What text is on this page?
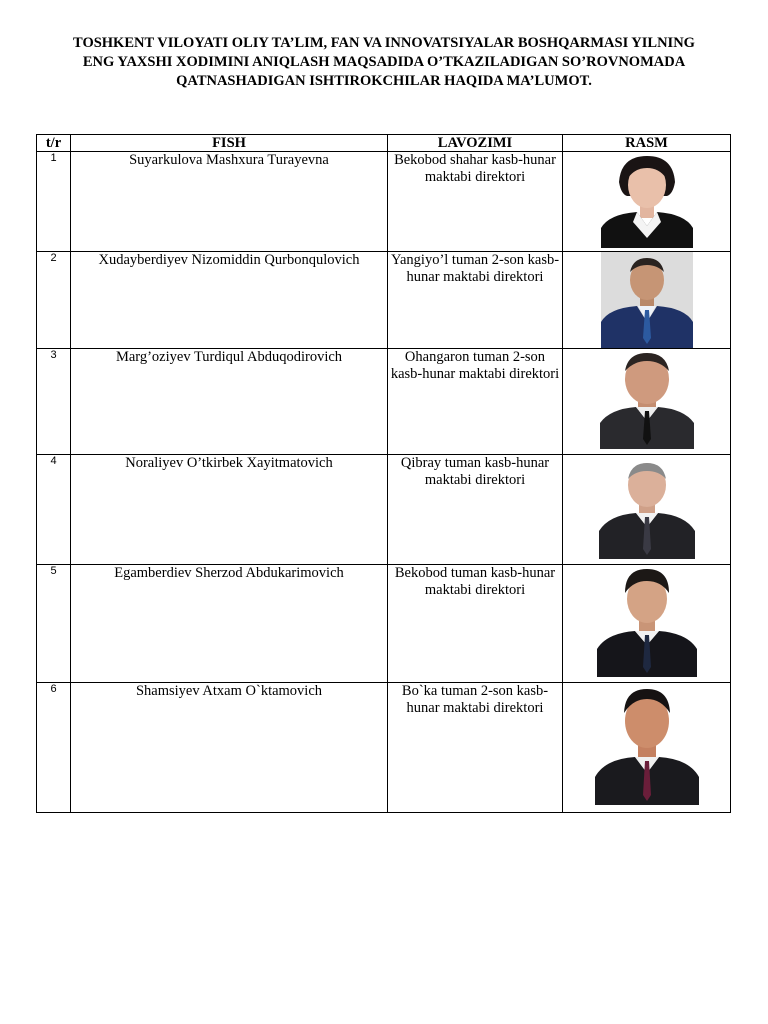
TOSHKENT VILOYATI OLIY TA’LIM, FAN VA INNOVATSIYALAR BOSHQARMASI YILNING
ENG YAXSHI XODIMINI ANIQLASH MAQSADIDA O’TKAZILADIGAN SO’ROVNOMADA
QATNASHADIGAN ISHTIROKCHILAR HAQIDA MA’LUMOT.
t/r	FISH	LAVOZIMI	RASM
1	Suyarkulova Mashxura Turayevna	Bekobod shahar kasb-hunar maktabi direktori	

2	Xudayberdiyev Nizomiddin Qurbonqulovich	Yangiyo’l tuman 2-son kasb- hunar maktabi direktori	

3	Marg’oziyev Turdiqul Abduqodirovich	Ohangaron tuman 2-son kasb-hunar maktabi direktori	

4	Noraliyev O’tkirbek Xayitmatovich	Qibray tuman kasb-hunar maktabi direktori	

5	Egamberdiev Sherzod Abdukarimovich	Bekobod tuman kasb-hunar maktabi direktori	

6	Shamsiyev Atxam O`ktamovich	Bo`ka tuman 2-son kasb-hunar maktabi direktori	
